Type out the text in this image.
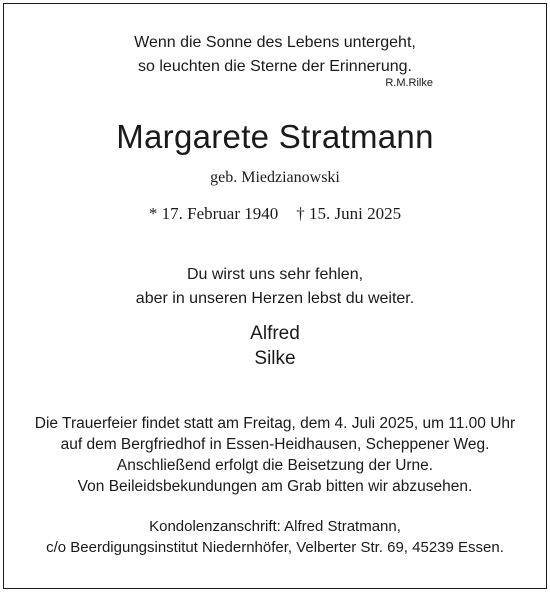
Wenn die Sonne des Lebens untergeht,
so leuchten die Sterne der Erinnerung.
R.M.Rilke
Margarete Stratmann
geb. Miedzianowski
* 17. Februar 1940 † 15. Juni 2025
Du wirst uns sehr fehlen,
aber in unseren Herzen lebst du weiter.
Alfred
Silke
Die Trauerfeier findet statt am Freitag, dem 4. Juli 2025, um 11.00 Uhr
auf dem Bergfriedhof in Essen-Heidhausen, Scheppener Weg.
Anschließend erfolgt die Beisetzung der Urne.
Von Beileidsbekundungen am Grab bitten wir abzusehen.
Kondolenzanschrift: Alfred Stratmann,
c/o Beerdigungsinstitut Niedernhöfer, Velberter Str. 69, 45239 Essen.
